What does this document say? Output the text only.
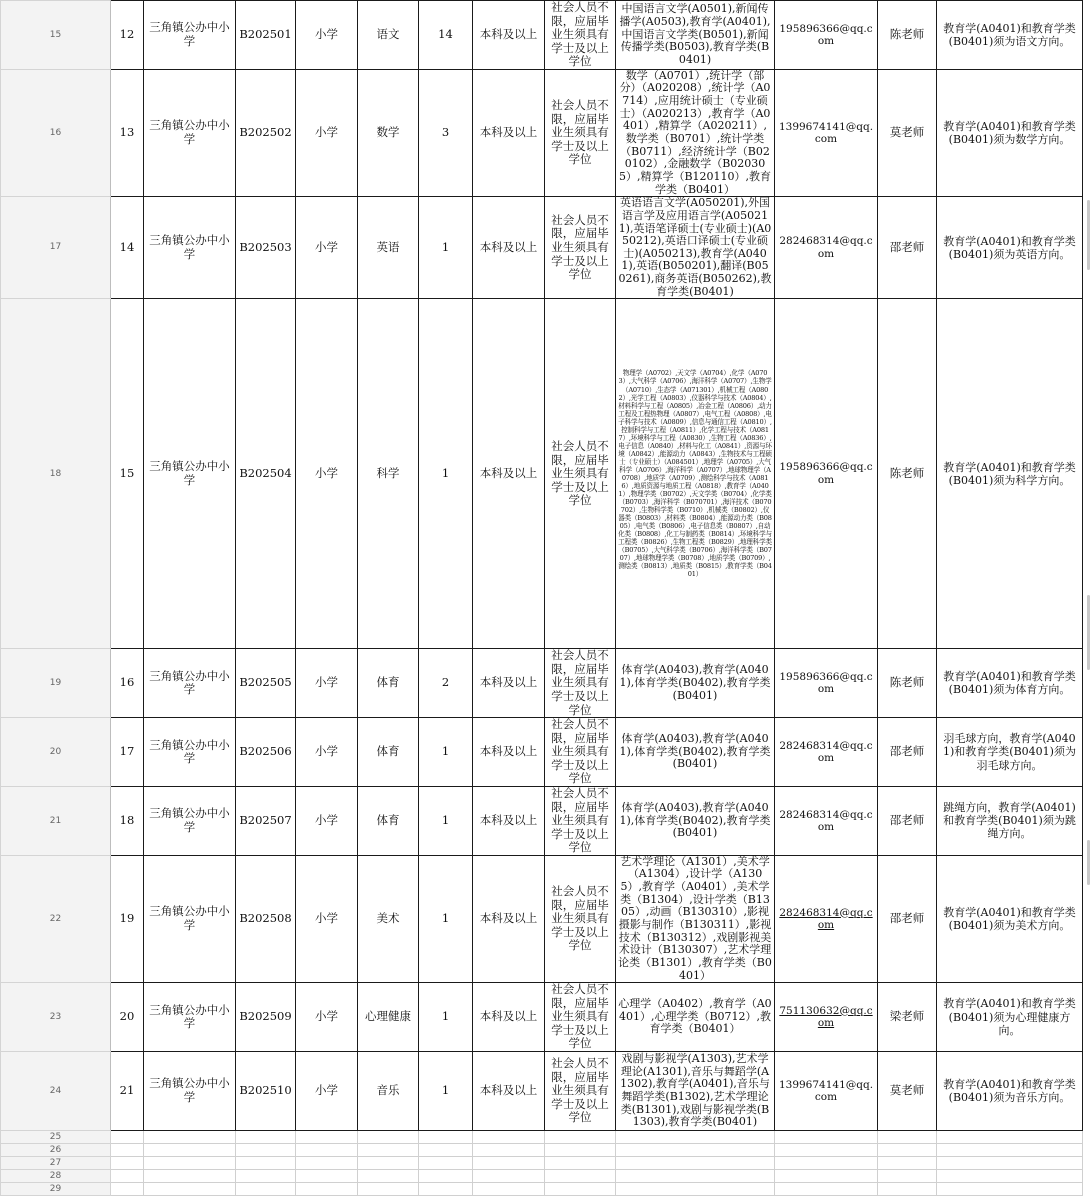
15	12	三角镇公办中小学	B202501	小学	语文	14	本科及以上	社会人员不限，应届毕业生须具有学士及以上学位	中国语言文学(A0501),新闻传播学(A0503),教育学(A0401),中国语言文学类(B0501),新闻传播学类(B0503),教育学类(B0401)	195896366@qq.com	陈老师	教育学(A0401)和教育学类(B0401)须为语文方向。
16	13	三角镇公办中小学	B202502	小学	数学	3	本科及以上	社会人员不限，应届毕业生须具有学士及以上学位	数学（A0701）,统计学（部分）（A020208）,统计学（A0714）,应用统计硕士（专业硕士）（A020213）,教育学（A0401）,精算学（A020211）,数学类（B0701）,统计学类（B0711）,经济统计学（B020102）,金融数学（B020305）,精算学（B120110）,教育学类（B0401）	1399674141@qq.com	莫老师	教育学(A0401)和教育学类(B0401)须为数学方向。
17	14	三角镇公办中小学	B202503	小学	英语	1	本科及以上	社会人员不限，应届毕业生须具有学士及以上学位	英语语言文学(A050201),外国语言学及应用语言学(A050211),英语笔译硕士(专业硕士)(A050212),英语口译硕士(专业硕士)(A050213),教育学(A0401),英语(B050201),翻译(B050261),商务英语(B050262),教育学类(B0401)	282468314@qq.com	邵老师	教育学(A0401)和教育学类(B0401)须为英语方向。
18	15	三角镇公办中小学	B202504	小学	科学	1	本科及以上	社会人员不限，应届毕业生须具有学士及以上学位	物理学（A0702）,天文学（A0704）,化学（A0703）,大气科学（A0706）,海洋科学（A0707）,生物学（A0710）,生态学（A071301）,机械工程（A0802）,光学工程（A0803）,仪器科学与技术（A0804）,材料科学与工程（A0805）,冶金工程（A0806）,动力工程及工程热物理（A0807）,电气工程（A0808）,电子科学与技术（A0809）,信息与通信工程（A0810）,控制科学与工程（A0811）,化学工程与技术（A0817）,环境科学与工程（A0830）,生物工程（A0836）,电子信息（A0840）,材料与化工（A0841）,资源与环境（A0842）,能源动力（A0843）,生物技术与工程硕士（专业硕士）（A084501）,地理学（A0705）,大气科学（A0706）,海洋科学（A0707）,地球物理学（A0708）,地质学（A0709）,测绘科学与技术（A0816）,地质资源与地质工程（A0818）,教育学（A0401）,物理学类（B0702）,天文学类（B0704）,化学类（B0703）,海洋科学（B070701）,海洋技术（B070702）,生物科学类（B0710）,机械类（B0802）,仪器类（B0803）,材料类（B0804）,能源动力类（B0805）,电气类（B0806）,电子信息类（B0807）,自动化类（B0808）,化工与制药类（B0814）,环境科学与工程类（B0826）,生物工程类（B0829）,地理科学类（B0705）,大气科学类（B0706）,海洋科学类（B0707）,地球物理学类（B0708）,地质学类（B0709）,测绘类（B0813）,地质类（B0815）,教育学类（B0401）	195896366@qq.com	陈老师	教育学(A0401)和教育学类(B0401)须为科学方向。
19	16	三角镇公办中小学	B202505	小学	体育	2	本科及以上	社会人员不限，应届毕业生须具有学士及以上学位	体育学(A0403),教育学(A0401),体育学类(B0402),教育学类(B0401)	195896366@qq.com	陈老师	教育学(A0401)和教育学类(B0401)须为体育方向。
20	17	三角镇公办中小学	B202506	小学	体育	1	本科及以上	社会人员不限，应届毕业生须具有学士及以上学位	体育学(A0403),教育学(A0401),体育学类(B0402),教育学类(B0401)	282468314@qq.com	邵老师	羽毛球方向，教育学(A0401)和教育学类(B0401)须为羽毛球方向。
21	18	三角镇公办中小学	B202507	小学	体育	1	本科及以上	社会人员不限，应届毕业生须具有学士及以上学位	体育学(A0403),教育学(A0401),体育学类(B0402),教育学类(B0401)	282468314@qq.com	邵老师	跳绳方向，教育学(A0401)和教育学类(B0401)须为跳绳方向。
22	19	三角镇公办中小学	B202508	小学	美术	1	本科及以上	社会人员不限，应届毕业生须具有学士及以上学位	艺术学理论（A1301）,美术学（A1304）,设计学（A1305）,教育学（A0401）,美术学类（B1304）,设计学类（B1305）,动画（B130310）,影视摄影与制作（B130311）,影视技术（B130312）,戏剧影视美术设计（B130307）,艺术学理论类（B1301）,教育学类（B0401）	282468314@qq.com	邵老师	教育学(A0401)和教育学类(B0401)须为美术方向。
23	20	三角镇公办中小学	B202509	小学	心理健康	1	本科及以上	社会人员不限，应届毕业生须具有学士及以上学位	心理学（A0402）,教育学（A0401）,心理学类（B0712）,教育学类（B0401）	751130632@qq.com	梁老师	教育学(A0401)和教育学类(B0401)须为心理健康方向。
24	21	三角镇公办中小学	B202510	小学	音乐	1	本科及以上	社会人员不限，应届毕业生须具有学士及以上学位	戏剧与影视学(A1303),艺术学理论(A1301),音乐与舞蹈学(A1302),教育学(A0401),音乐与舞蹈学类(B1302),艺术学理论类(B1301),戏剧与影视学类(B1303),教育学类(B0401)	1399674141@qq.com	莫老师	教育学(A0401)和教育学类(B0401)须为音乐方向。
25												
26												
27												
28												
29												
